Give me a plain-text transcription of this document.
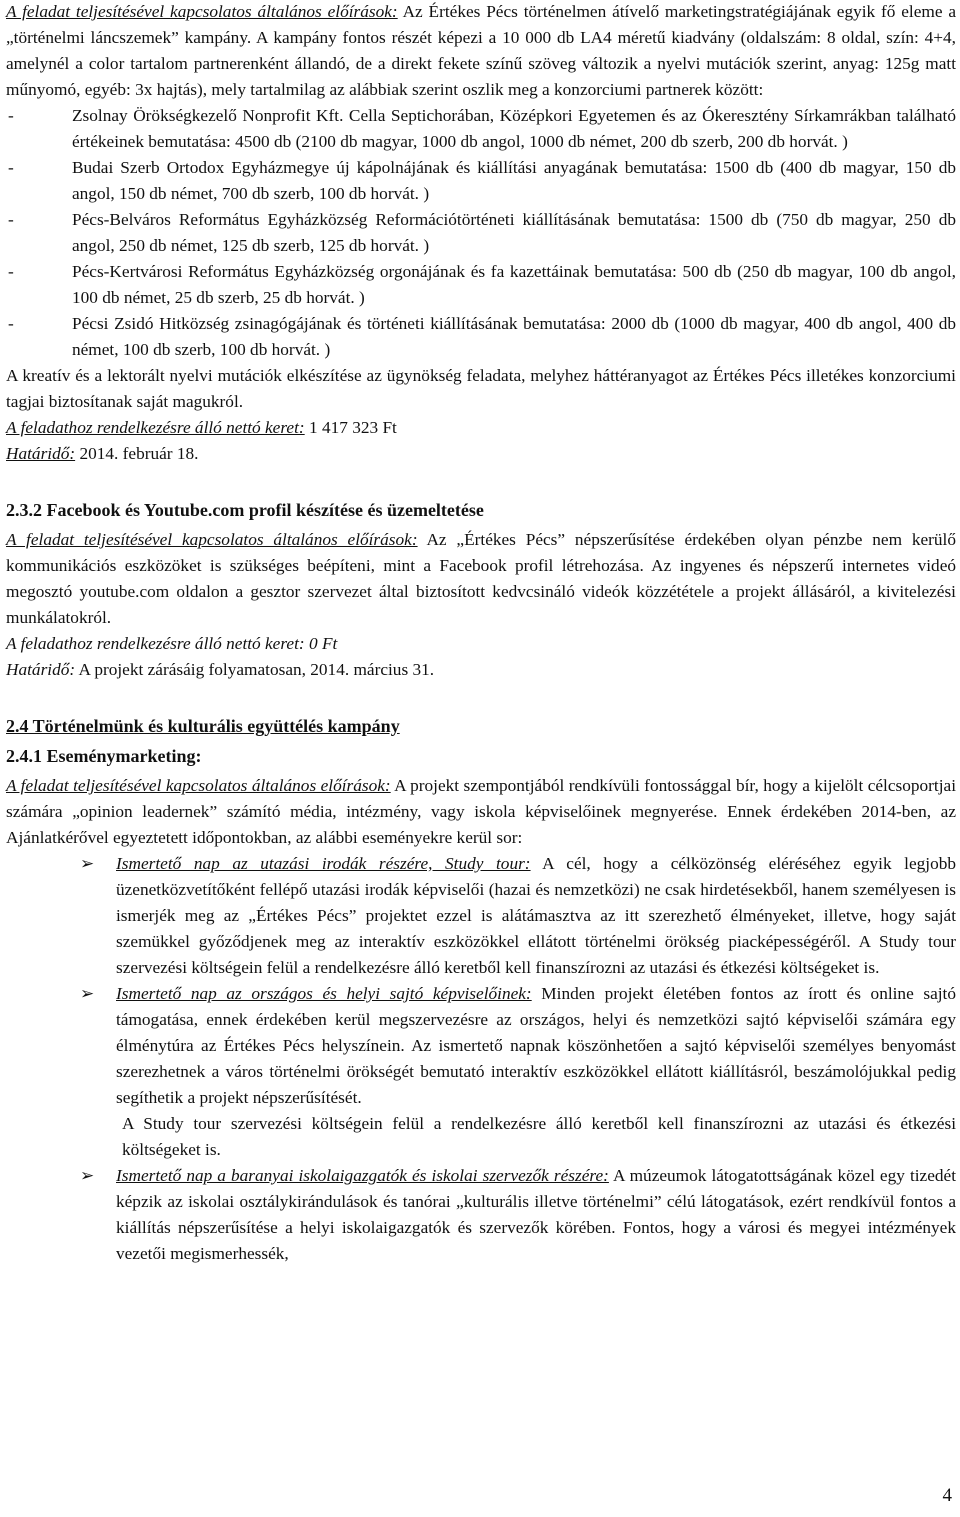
A feladat teljesítésével kapcsolatos általános előírások: Az Értékes Pécs történelmen átívelő marketingstratégiájának egyik fő eleme a „történelmi láncszemek” kampány. A kampány fontos részét képezi a 10 000 db LA4 méretű kiadvány (oldalszám: 8 oldal, szín: 4+4, amelynél a color tartalom partnerenként állandó, de a direkt fekete színű szöveg változik a nyelvi mutációk szerint, anyag: 125g matt műnyomó, egyéb: 3x hajtás), mely tartalmilag az alábbiak szerint oszlik meg a konzorciumi partnerek között:

-	Zsolnay Örökségkezelő Nonprofit Kft. Cella Septichorában, Középkori Egyetemen és az Ókeresztény Sírkamrákban található értékeinek bemutatása: 4500 db (2100 db magyar, 1000 db angol, 1000 db német, 200 db szerb, 200 db horvát. )
-	Budai Szerb Ortodox Egyházmegye új kápolnájának és kiállítási anyagának bemutatása: 1500 db (400 db magyar, 150 db angol, 150 db német, 700 db szerb, 100 db horvát. )
-	Pécs-Belváros Református Egyházközség Reformációtörténeti kiállításának bemutatása: 1500 db (750 db magyar, 250 db angol, 250 db német, 125 db szerb, 125 db horvát. )
-	Pécs-Kertvárosi Református Egyházközség orgonájának és fa kazettáinak bemutatása: 500 db (250 db magyar, 100 db angol, 100 db német, 25 db szerb, 25 db horvát. )
-	Pécsi Zsidó Hitközség zsinagógájának és történeti kiállításának bemutatása: 2000 db (1000 db magyar, 400 db angol, 400 db német, 100 db szerb, 100 db horvát. )

A kreatív és a lektorált nyelvi mutációk elkészítése az ügynökség feladata, melyhez háttéranyagot az Értékes Pécs illetékes konzorciumi tagjai biztosítanak saját magukról.

A feladathoz rendelkezésre álló nettó keret: 1 417 323 Ft

Határidő: 2014. február 18.

2.3.2 Facebook és Youtube.com profil készítése és üzemeltetése

A feladat teljesítésével kapcsolatos általános előírások: Az „Értékes Pécs” népszerűsítése érdekében olyan pénzbe nem kerülő kommunikációs eszközöket is szükséges beépíteni, mint a Facebook profil létrehozása. Az ingyenes és népszerű internetes videó megosztó youtube.com oldalon a gesztor szervezet által biztosított kedvcsináló videók közzététele a projekt állásáról, a kivitelezési munkálatokról.

A feladathoz rendelkezésre álló nettó keret: 0 Ft

Határidő: A projekt zárásáig folyamatosan, 2014. március 31.

2.4 Történelmünk és kulturális együttélés kampány

2.4.1 Eseménymarketing:

A feladat teljesítésével kapcsolatos általános előírások: A projekt szempontjából rendkívüli fontossággal bír, hogy a kijelölt célcsoportjai számára „opinion leadernek” számító média, intézmény, vagy iskola képviselőinek megnyerése. Ennek érdekében 2014-ben, az Ajánlatkérővel egyeztetett időpontokban, az alábbi eseményekre kerül sor:

➢ Ismertető nap az utazási irodák részére, Study tour: A cél, hogy a célközönség eléréséhez egyik legjobb üzenetközvetítőként fellépő utazási irodák képviselői (hazai és nemzetközi) ne csak hirdetésekből, hanem személyesen is ismerjék meg az „Értékes Pécs” projektet ezzel is alátámasztva az itt szerezhető élményeket, illetve, hogy saját szemükkel győződjenek meg az interaktív eszközökkel ellátott történelmi örökség piacképességéről. A Study tour szervezési költségein felül a rendelkezésre álló keretből kell finanszírozni az utazási és étkezési költségeket is.
➢ Ismertető nap az országos és helyi sajtó képviselőinek: Minden projekt életében fontos az írott és online sajtó támogatása, ennek érdekében kerül megszervezésre az országos, helyi és nemzetközi sajtó képviselői számára egy élménytúra az Értékes Pécs helyszínein. Az ismertető napnak köszönhetően a sajtó képviselői személyes benyomást szerezhetnek a város történelmi örökségét bemutató interaktív eszközökkel ellátott kiállításról, beszámolójukkal pedig segíthetik a projekt népszerűsítését.

A Study tour szervezési költségein felül a rendelkezésre álló keretből kell finanszírozni az utazási és étkezési költségeket is.

➢ Ismertető nap a baranyai iskolaigazgatók és iskolai szervezők részére: A múzeumok látogatottságának közel egy tizedét képzik az iskolai osztálykirándulások és tanórai „kulturális illetve történelmi” célú látogatások, ezért rendkívül fontos a kiállítás népszerűsítése a helyi iskolaigazgatók és szervezők körében. Fontos, hogy a városi és megyei intézmények vezetői megismerhessék,
4
